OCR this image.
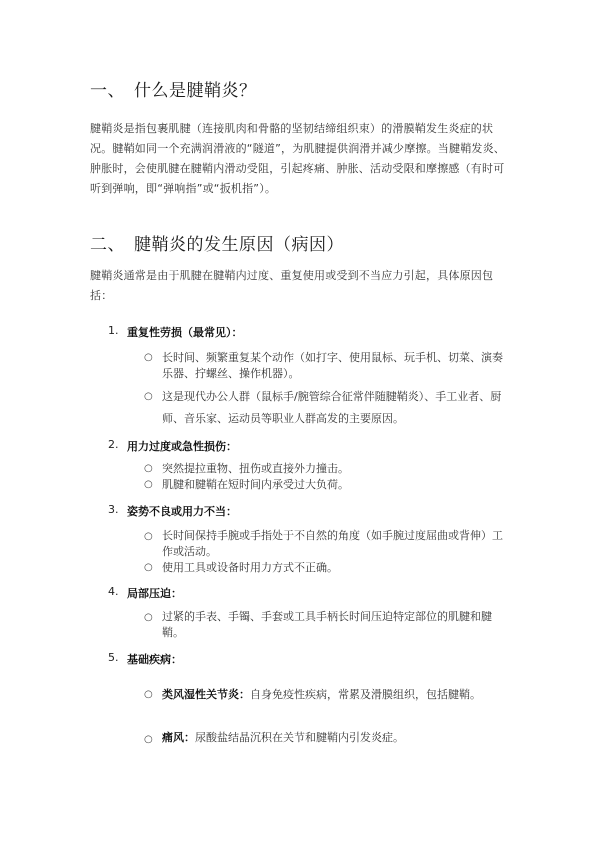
一、　什么是腱鞘炎？

腱鞘炎是指包裹肌腱（连接肌肉和骨骼的坚韧结缔组织束）的滑膜鞘发生炎症的状况。腱鞘如同一个充满润滑液的“隧道”，为肌腱提供润滑并减少摩擦。当腱鞘发炎、肿胀时，会使肌腱在腱鞘内滑动受阻，引起疼痛、肿胀、活动受限和摩擦感（有时可听到弹响，即“弹响指”或“扳机指”）。

二、　腱鞘炎的发生原因（病因）

腱鞘炎通常是由于肌腱在腱鞘内过度、重复使用或受到不当应力引起，具体原因包括：

1. 重复性劳损（最常见）：
○ 长时间、频繁重复某个动作（如打字、使用鼠标、玩手机、切菜、演奏乐器、拧螺丝、操作机器）。

○ 这是现代办公人群（鼠标手/腕管综合征常伴随腱鞘炎）、手工业者、厨师、音乐家、运动员等职业人群高发的主要原因。

2. 用力过度或急性损伤：
○ 突然提拉重物、扭伤或直接外力撞击。

○ 肌腱和腱鞘在短时间内承受过大负荷。

3. 姿势不良或用力不当：
○ 长时间保持手腕或手指处于不自然的角度（如手腕过度屈曲或背伸）工作或活动。

○ 使用工具或设备时用力方式不正确。

4. 局部压迫：
○ 过紧的手表、手镯、手套或工具手柄长时间压迫特定部位的肌腱和腱鞘。

5. 基础疾病：
○ 类风湿性关节炎：自身免疫性疾病，常累及滑膜组织，包括腱鞘。

○ 痛风：尿酸盐结晶沉积在关节和腱鞘内引发炎症。
